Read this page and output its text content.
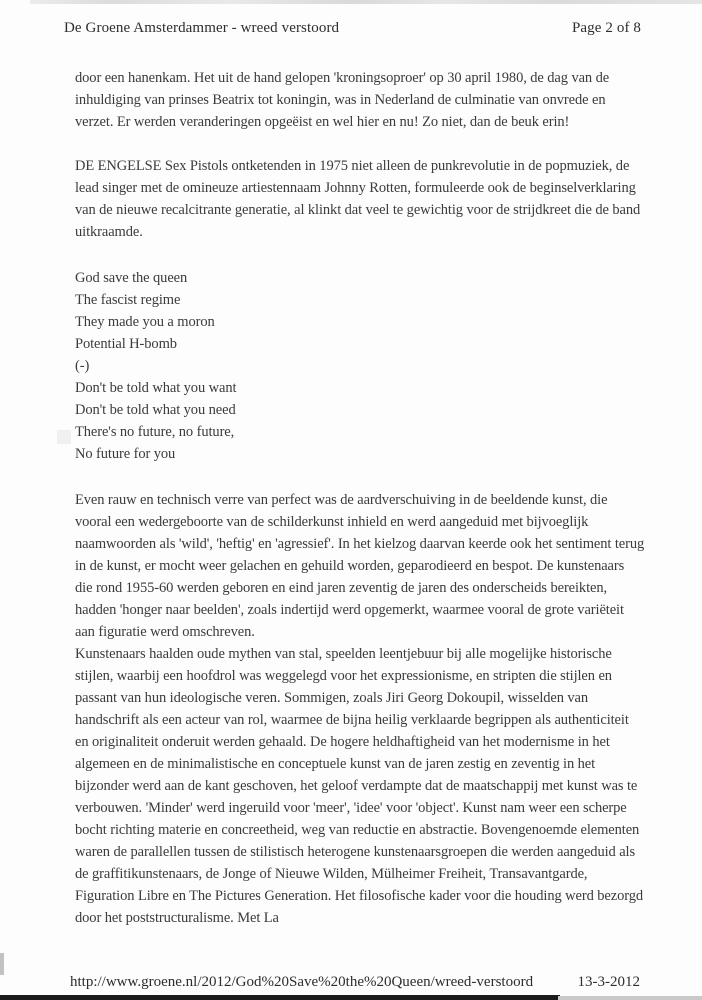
De Groene Amsterdammer - wreed verstoord	Page 2 of 8

door een hanenkam. Het uit de hand gelopen 'kroningsoproer' op 30 april 1980, de dag van de inhuldiging van prinses Beatrix tot koningin, was in Nederland de culminatie van onvrede en verzet. Er werden veranderingen opgeëist en wel hier en nu! Zo niet, dan de beuk erin!

DE ENGELSE Sex Pistols ontketenden in 1975 niet alleen de punkrevolutie in de popmuziek, de lead singer met de omineuze artiestennaam Johnny Rotten, formuleerde ook de beginselverklaring van de nieuwe recalcitrante generatie, al klinkt dat veel te gewichtig voor de strijdkreet die de band uitkraamde.

God save the queen
The fascist regime
They made you a moron
Potential H-bomb
(-)
Don't be told what you want
Don't be told what you need
There's no future, no future,
No future for you

Even rauw en technisch verre van perfect was de aardverschuiving in de beeldende kunst, die vooral een wedergeboorte van de schilderkunst inhield en werd aangeduid met bijvoeglijk naamwoorden als 'wild', 'heftig' en 'agressief'. In het kielzog daarvan keerde ook het sentiment terug in de kunst, er mocht weer gelachen en gehuild worden, geparodieerd en bespot. De kunstenaars die rond 1955-60 werden geboren en eind jaren zeventig de jaren des onderscheids bereikten, hadden 'honger naar beelden', zoals indertijd werd opgemerkt, waarmee vooral de grote variëteit aan figuratie werd omschreven.

Kunstenaars haalden oude mythen van stal, speelden leentjebuur bij alle mogelijke historische stijlen, waarbij een hoofdrol was weggelegd voor het expressionisme, en stripten die stijlen en passant van hun ideologische veren. Sommigen, zoals Jiri Georg Dokoupil, wisselden van handschrift als een acteur van rol, waarmee de bijna heilig verklaarde begrippen als authenticiteit en originaliteit onderuit werden gehaald. De hogere heldhaftigheid van het modernisme in het algemeen en de minimalistische en conceptuele kunst van de jaren zestig en zeventig in het bijzonder werd aan de kant geschoven, het geloof verdampte dat de maatschappij met kunst was te verbouwen. 'Minder' werd ingeruild voor 'meer', 'idee' voor 'object'. Kunst nam weer een scherpe bocht richting materie en concreetheid, weg van reductie en abstractie. Bovengenoemde elementen waren de parallellen tussen de stilistisch heterogene kunstenaarsgroepen die werden aangeduid als de graffitikunstenaars, de Jonge of Nieuwe Wilden, Mülheimer Freiheit, Transavantgarde, Figuration Libre en The Pictures Generation. Het filosofische kader voor die houding werd bezorgd door het poststructuralisme. Met La

http://www.groene.nl/2012/God%20Save%20the%20Queen/wreed-verstoord	13-3-2012
